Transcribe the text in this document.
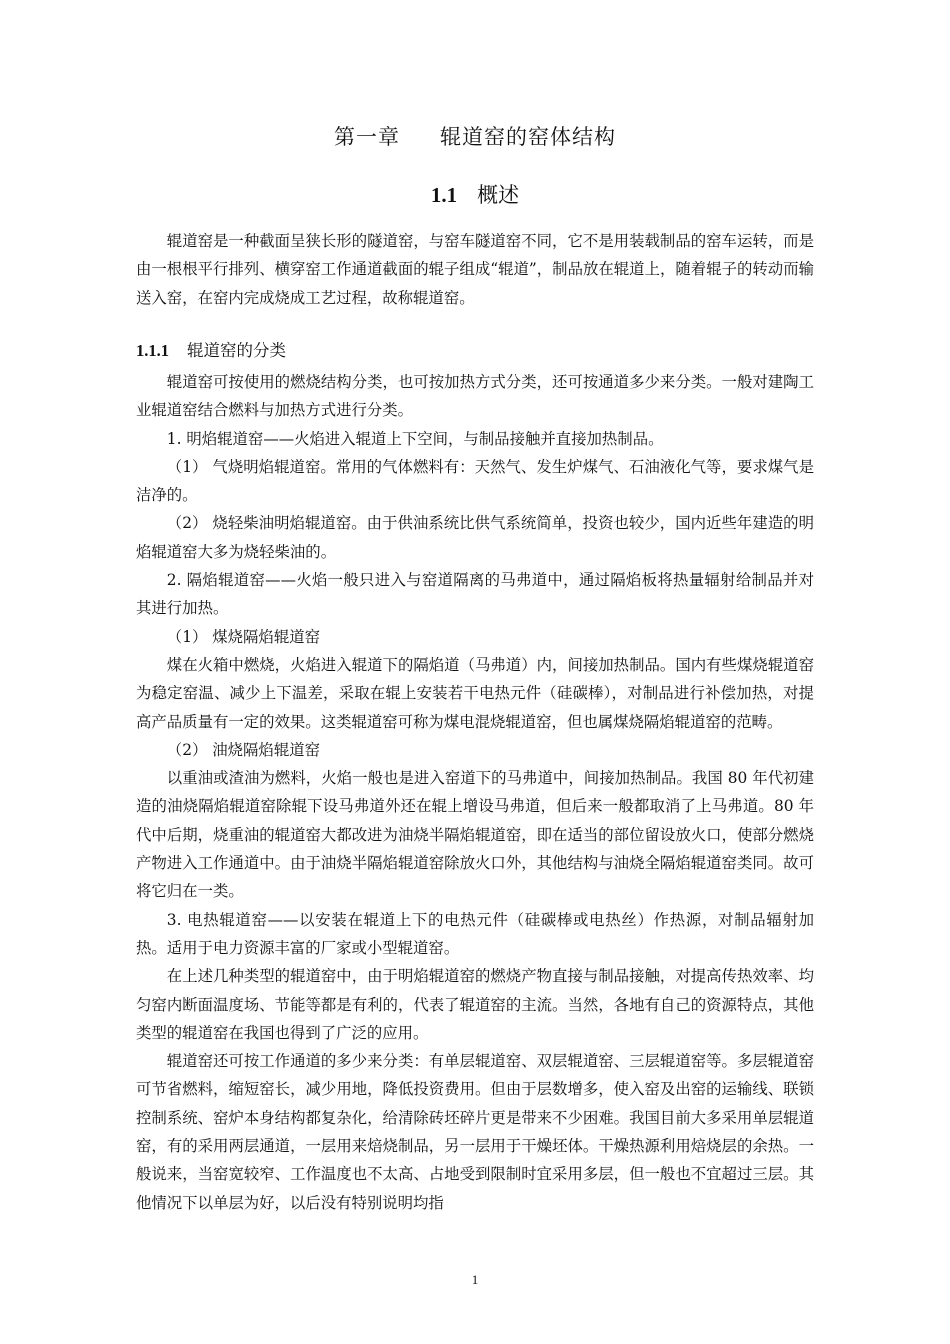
第一章 辊道窑的窑体结构
1.1 概述

辊道窑是一种截面呈狭长形的隧道窑，与窑车隧道窑不同，它不是用装载制品的窑车运转，而是由一根根平行排列、横穿窑工作通道截面的辊子组成“辊道”，制品放在辊道上，随着辊子的转动而输送入窑，在窑内完成烧成工艺过程，故称辊道窑。

1.1.1 辊道窑的分类

辊道窑可按使用的燃烧结构分类，也可按加热方式分类，还可按通道多少来分类。一般对建陶工业辊道窑结合燃料与加热方式进行分类。

1. 明焰辊道窑——火焰进入辊道上下空间，与制品接触并直接加热制品。

（1） 气烧明焰辊道窑。常用的气体燃料有：天然气、发生炉煤气、石油液化气等，要求煤气是洁净的。

（2） 烧轻柴油明焰辊道窑。由于供油系统比供气系统简单，投资也较少，国内近些年建造的明焰辊道窑大多为烧轻柴油的。

2. 隔焰辊道窑——火焰一般只进入与窑道隔离的马弗道中，通过隔焰板将热量辐射给制品并对其进行加热。

（1） 煤烧隔焰辊道窑

煤在火箱中燃烧，火焰进入辊道下的隔焰道（马弗道）内，间接加热制品。国内有些煤烧辊道窑为稳定窑温、减少上下温差，采取在辊上安装若干电热元件（硅碳棒），对制品进行补偿加热，对提高产品质量有一定的效果。这类辊道窑可称为煤电混烧辊道窑，但也属煤烧隔焰辊道窑的范畴。

（2） 油烧隔焰辊道窑

以重油或渣油为燃料，火焰一般也是进入窑道下的马弗道中，间接加热制品。我国 80 年代初建造的油烧隔焰辊道窑除辊下设马弗道外还在辊上增设马弗道，但后来一般都取消了上马弗道。80 年代中后期，烧重油的辊道窑大都改进为油烧半隔焰辊道窑，即在适当的部位留设放火口，使部分燃烧产物进入工作通道中。由于油烧半隔焰辊道窑除放火口外，其他结构与油烧全隔焰辊道窑类同。故可将它归在一类。

3. 电热辊道窑——以安装在辊道上下的电热元件（硅碳棒或电热丝）作热源，对制品辐射加热。适用于电力资源丰富的厂家或小型辊道窑。

在上述几种类型的辊道窑中，由于明焰辊道窑的燃烧产物直接与制品接触，对提高传热效率、均匀窑内断面温度场、节能等都是有利的，代表了辊道窑的主流。当然，各地有自己的资源特点，其他类型的辊道窑在我国也得到了广泛的应用。

辊道窑还可按工作通道的多少来分类：有单层辊道窑、双层辊道窑、三层辊道窑等。多层辊道窑可节省燃料，缩短窑长，减少用地，降低投资费用。但由于层数增多，使入窑及出窑的运输线、联锁控制系统、窑炉本身结构都复杂化，给清除砖坯碎片更是带来不少困难。我国目前大多采用单层辊道窑，有的采用两层通道，一层用来焙烧制品，另一层用于干燥坯体。干燥热源利用焙烧层的余热。一般说来，当窑宽较窄、工作温度也不太高、占地受到限制时宜采用多层，但一般也不宜超过三层。其他情况下以单层为好，以后没有特别说明均指

1
